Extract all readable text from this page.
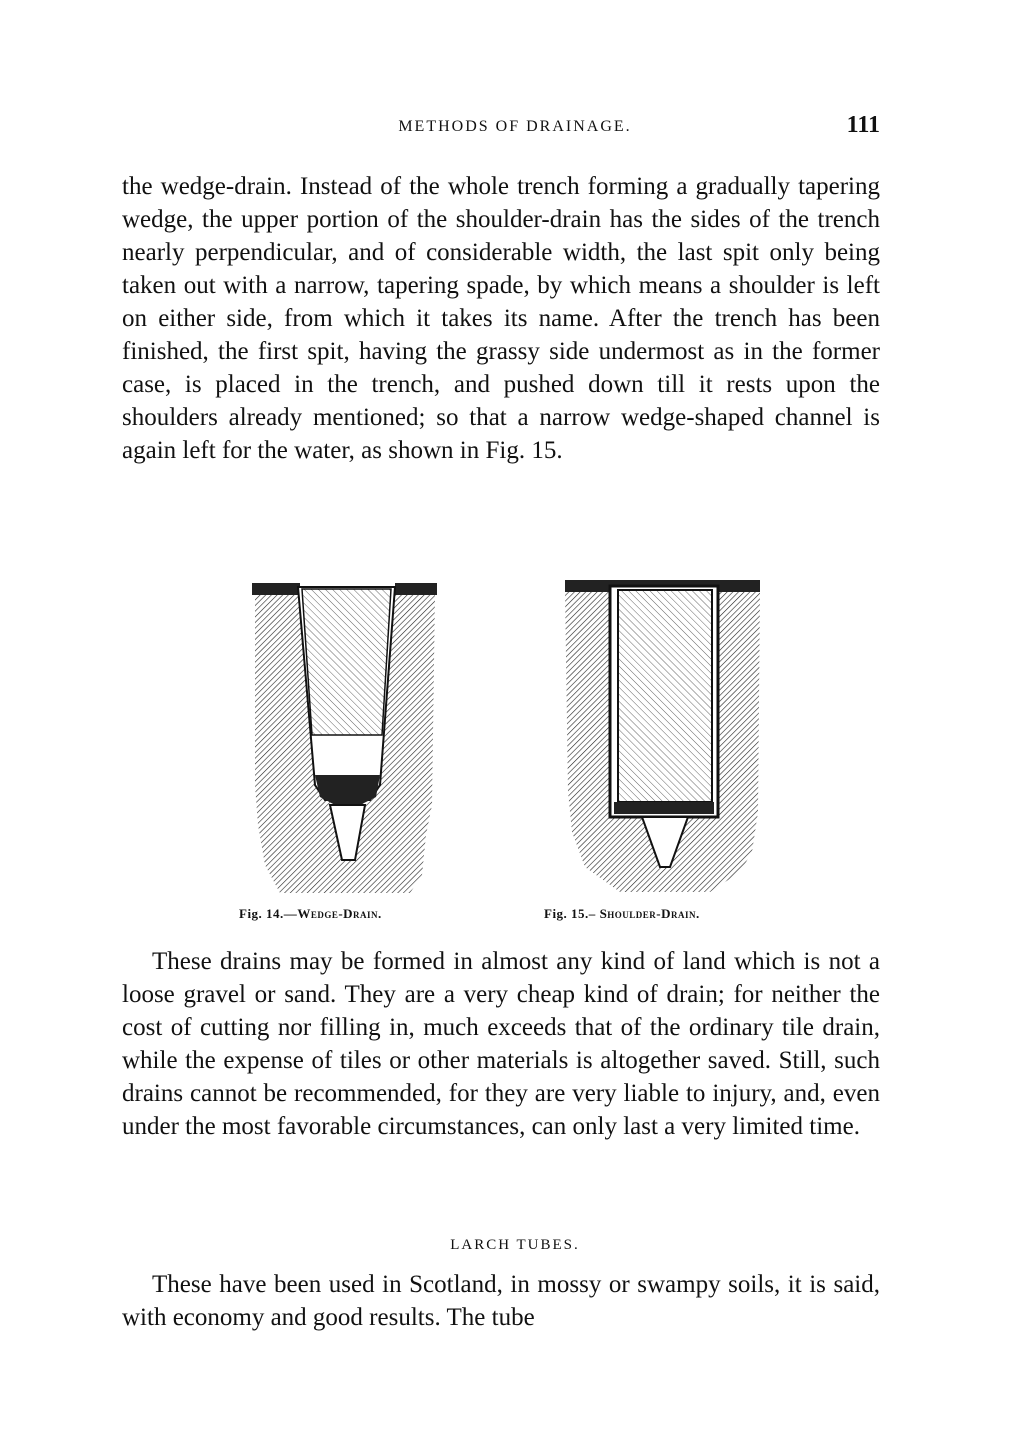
METHODS OF DRAINAGE.	111

the wedge-drain. Instead of the whole trench forming a gradually tapering wedge, the upper portion of the shoulder-drain has the sides of the trench nearly perpendicular, and of considerable width, the last spit only being taken out with a narrow, tapering spade, by which means a shoulder is left on either side, from which it takes its name. After the trench has been finished, the first spit, having the grassy side undermost as in the former case, is placed in the trench, and pushed down till it rests upon the shoulders already mentioned; so that a narrow wedge-shaped channel is again left for the water, as shown in Fig. 15.

Fig. 14.—Wedge-Drain.	Fig. 15.– Shoulder-Drain.

These drains may be formed in almost any kind of land which is not a loose gravel or sand. They are a very cheap kind of drain; for neither the cost of cutting nor filling in, much exceeds that of the ordinary tile drain, while the expense of tiles or other materials is altogether saved. Still, such drains cannot be recommended, for they are very liable to injury, and, even under the most favorable circumstances, can only last a very limited time.

LARCH TUBES.

These have been used in Scotland, in mossy or swampy soils, it is said, with economy and good results. The tube
